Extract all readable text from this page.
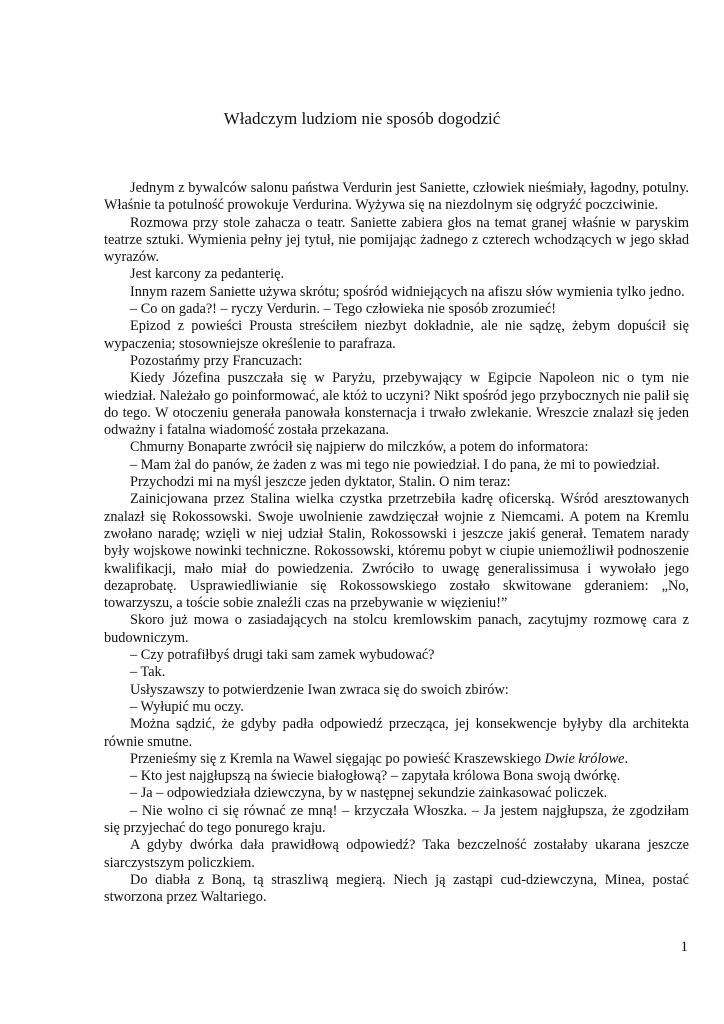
Władczym ludziom nie sposób dogodzić

Jednym z bywalców salonu państwa Verdurin jest Saniette, człowiek nieśmiały, łagodny, potulny. Właśnie ta potulność prowokuje Verdurina. Wyżywa się na niezdolnym się odgryźć poczciwinie.

Rozmowa przy stole zahacza o teatr. Saniette zabiera głos na temat granej właśnie w paryskim teatrze sztuki. Wymienia pełny jej tytuł, nie pomijając żadnego z czterech wchodzących w jego skład wyrazów.

Jest karcony za pedanterię.

Innym razem Saniette używa skrótu; spośród widniejących na afiszu słów wymienia tylko jedno.

– Co on gada?! – ryczy Verdurin. – Tego człowieka nie sposób zrozumieć!

Epizod z powieści Prousta streściłem niezbyt dokładnie, ale nie sądzę, żebym dopuścił się wypaczenia; stosowniejsze określenie to parafraza.

Pozostańmy przy Francuzach:

Kiedy Józefina puszczała się w Paryżu, przebywający w Egipcie Napoleon nic o tym nie wiedział. Należało go poinformować, ale któż to uczyni? Nikt spośród jego przybocznych nie palił się do tego. W otoczeniu generała panowała konsternacja i trwało zwlekanie. Wreszcie znalazł się jeden odważny i fatalna wiadomość została przekazana.

Chmurny Bonaparte zwrócił się najpierw do milczków, a potem do informatora:

– Mam żal do panów, że żaden z was mi tego nie powiedział. I do pana, że mi to powiedział.

Przychodzi mi na myśl jeszcze jeden dyktator, Stalin. O nim teraz:

Zainicjowana przez Stalina wielka czystka przetrzebiła kadrę oficerską. Wśród aresztowanych znalazł się Rokossowski. Swoje uwolnienie zawdzięczał wojnie z Niemcami. A potem na Kremlu zwołano naradę; wzięli w niej udział Stalin, Rokossowski i jeszcze jakiś generał. Tematem narady były wojskowe nowinki techniczne. Rokossowski, któremu pobyt w ciupie uniemożliwił podnoszenie kwalifikacji, mało miał do powiedzenia. Zwróciło to uwagę generalissimusa i wywołało jego dezaprobatę. Usprawiedliwianie się Rokossowskiego zostało skwitowane gderaniem: „No, towarzyszu, a toście sobie znaleźli czas na przebywanie w więzieniu!”

Skoro już mowa o zasiadających na stolcu kremlowskim panach, zacytujmy rozmowę cara z budowniczym.

– Czy potrafiłbyś drugi taki sam zamek wybudować?

– Tak.

Usłyszawszy to potwierdzenie Iwan zwraca się do swoich zbirów:

– Wyłupić mu oczy.

Można sądzić, że gdyby padła odpowiedź przecząca, jej konsekwencje byłyby dla architekta równie smutne.

Przenieśmy się z Kremla na Wawel sięgając po powieść Kraszewskiego Dwie królowe.

– Kto jest najgłupszą na świecie białogłową? – zapytała królowa Bona swoją dwórkę.

– Ja – odpowiedziała dziewczyna, by w następnej sekundzie zainkasować policzek.

– Nie wolno ci się równać ze mną! – krzyczała Włoszka. – Ja jestem najgłupsza, że zgodziłam się przyjechać do tego ponurego kraju.

A gdyby dwórka dała prawidłową odpowiedź? Taka bezczelność zostałaby ukarana jeszcze siarczystszym policzkiem.

Do diabła z Boną, tą straszliwą megierą. Niech ją zastąpi cud-dziewczyna, Minea, postać stworzona przez Waltariego.

1
